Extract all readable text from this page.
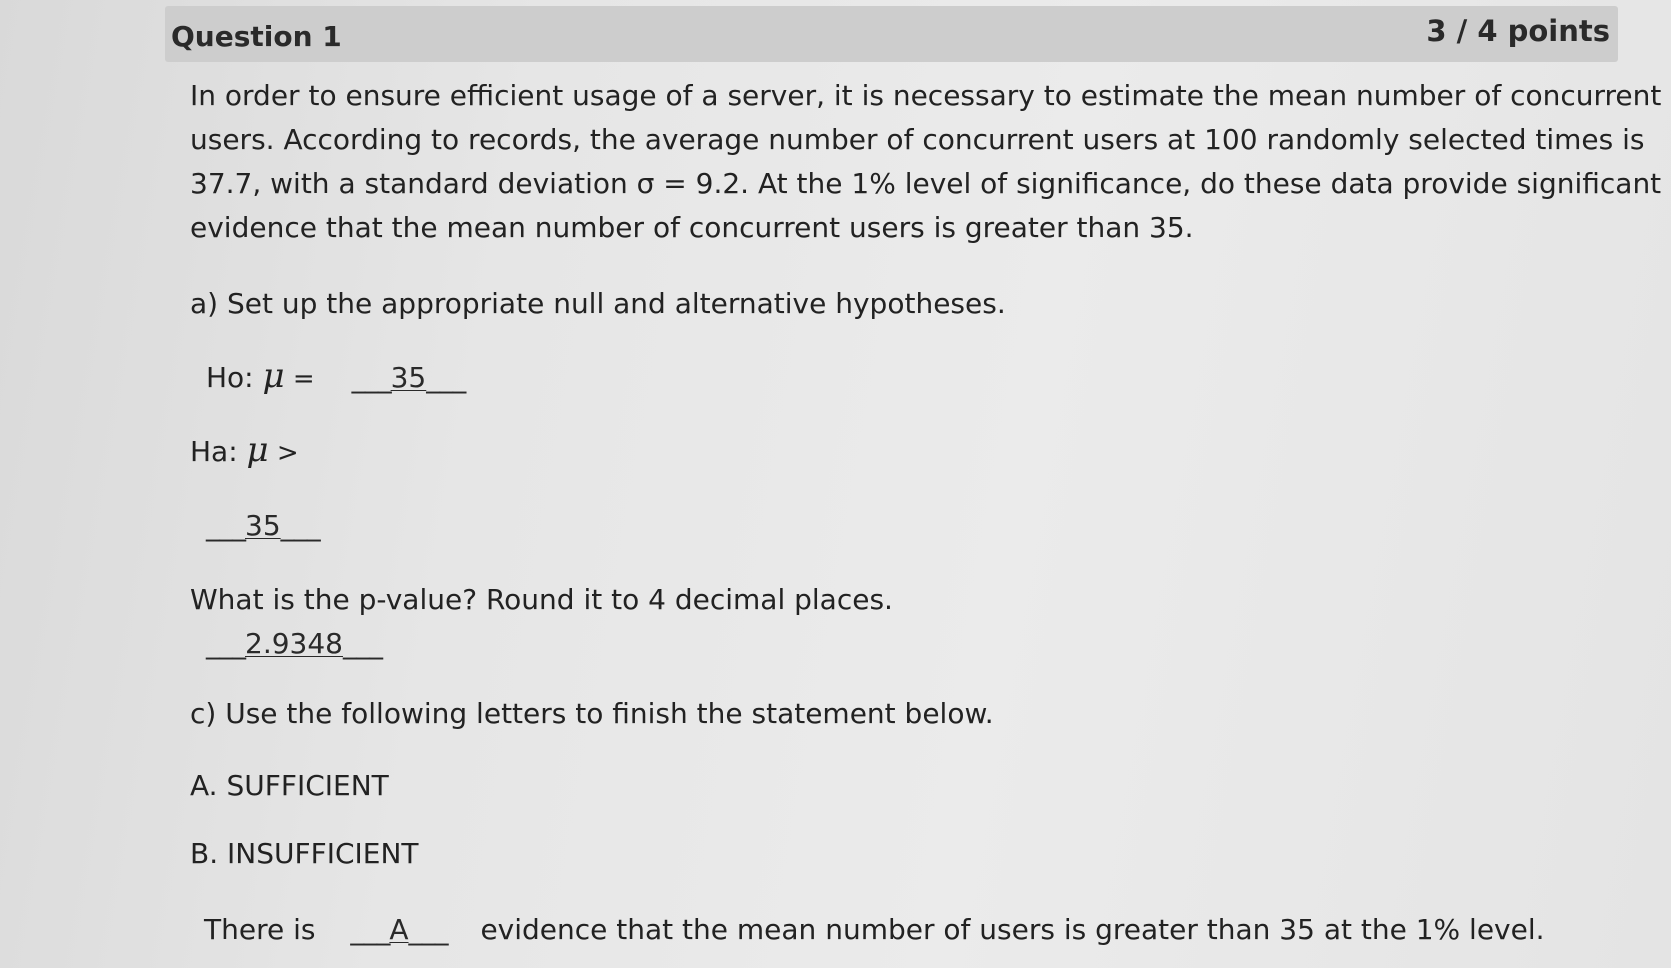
Question 1	3 / 4 points
In order to ensure efficient usage of a server, it is necessary to estimate the mean number of concurrent
users. According to records, the average number of concurrent users at 100 randomly selected times is
37.7, with a standard deviation σ = 9.2. At the 1% level of significance, do these data provide significant
evidence that the mean number of concurrent users is greater than 35.
a) Set up the appropriate null and alternative hypotheses.
Ho: μ = ___35___
Ha: μ >
___35___
What is the p-value? Round it to 4 decimal places.
___2.9348___
c) Use the following letters to finish the statement below.
A. SUFFICIENT
B. INSUFFICIENT
There is ___A___ evidence that the mean number of users is greater than 35 at the 1% level.
